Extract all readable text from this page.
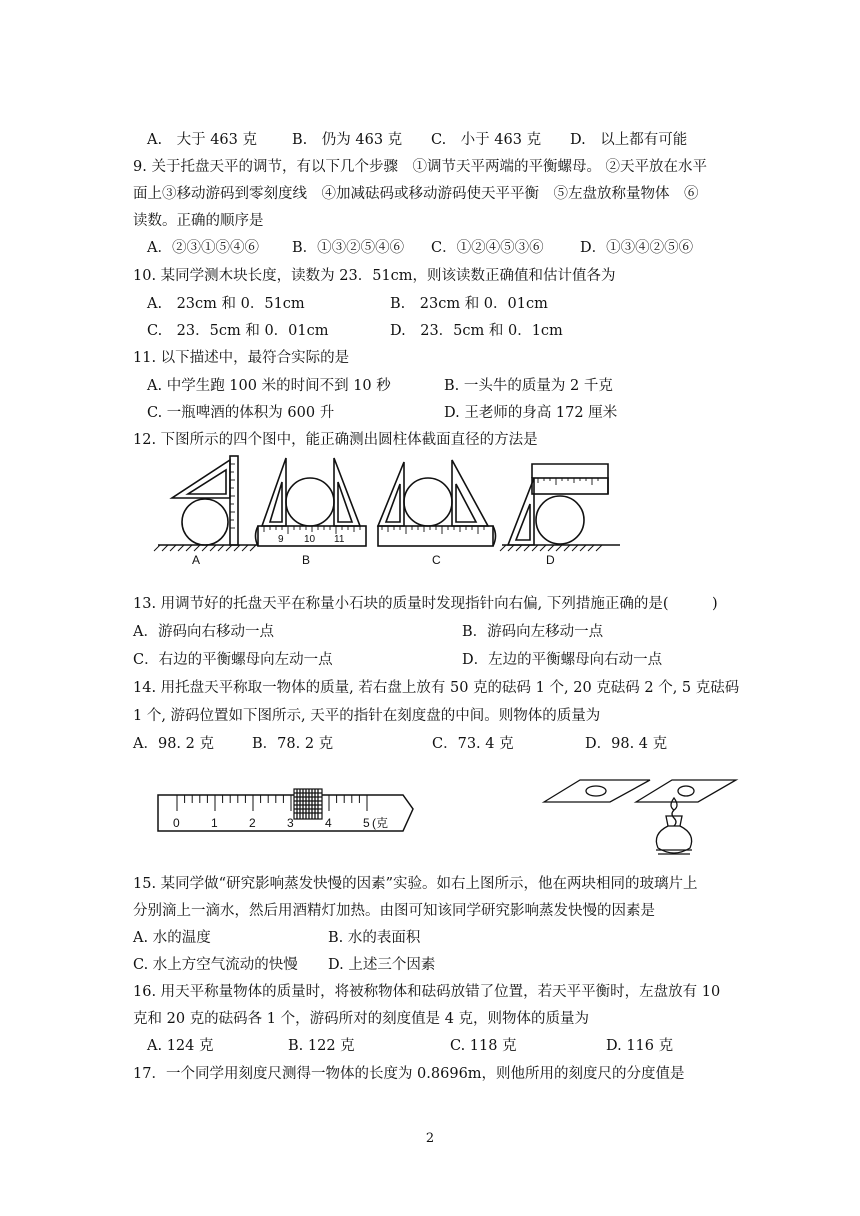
A.　大于 463 克 B.　仍为 463 克 C.　小于 463 克 D.　以上都有可能
9. 关于托盘天平的调节，有以下几个步骤　①调节天平两端的平衡螺母。 ②天平放在水平
面上③移动游码到零刻度线　④加减砝码或移动游码使天平平衡　⑤左盘放称量物体　⑥
读数。正确的顺序是
A．②③①⑤④⑥ B．①③②⑤④⑥ C．①②④⑤③⑥	D．①③④②⑤⑥
10. 某同学测木块长度，读数为 23．51cm，则该读数正确值和估计值各为
A.　23cm 和 0．51cm	B.　23cm 和 0．01cm
C.　23．5cm 和 0．01cm	D.　23．5cm 和 0．1cm
11. 以下描述中，最符合实际的是
A. 中学生跑 100 米的时间不到 10 秒	B. 一头牛的质量为 2 千克
C. 一瓶啤酒的体积为 600 升	D. 王老师的身高 172 厘米
12. 下图所示的四个图中，能正确测出圆柱体截面直径的方法是
9 10 11
A	B	C	D
13. 用调节好的托盘天平在称量小石块的质量时发现指针向右偏, 下列措施正确的是(　　　)
A．游码向右移动一点	B．游码向左移动一点
C．右边的平衡螺母向左动一点	D．左边的平衡螺母向右动一点
14. 用托盘天平称取一物体的质量, 若右盘上放有 50 克的砝码 1 个, 20 克砝码 2 个, 5 克砝码
1 个, 游码位置如下图所示, 天平的指针在刻度盘的中间。则物体的质量为
A．98. 2 克	B．78. 2 克	C．73. 4 克	D．98. 4 克
0	1	2	3	4	5 (克
15. 某同学做“研究影响蒸发快慢的因素”实验。如右上图所示，他在两块相同的玻璃片上
分别滴上一滴水，然后用酒精灯加热。由图可知该同学研究影响蒸发快慢的因素是
A. 水的温度	B. 水的表面积
C. 水上方空气流动的快慢 D. 上述三个因素
16. 用天平称量物体的质量时，将被称物体和砝码放错了位置，若天平平衡时，左盘放有 10
克和 20 克的砝码各 1 个，游码所对的刻度值是 4 克，则物体的质量为
A. 124 克	B. 122 克	C. 118 克	D. 116 克
17．一个同学用刻度尺测得一物体的长度为 0.8696m，则他所用的刻度尺的分度值是
2
